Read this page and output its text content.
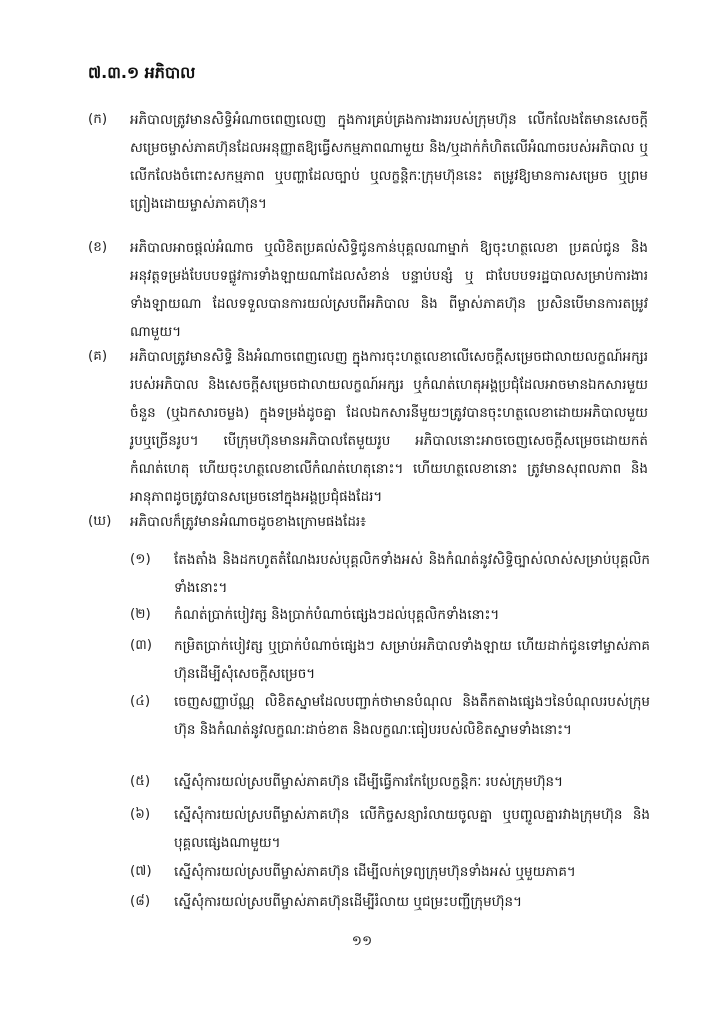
៧.៣.១ អភិបាល
(ក) អភិបាលត្រូវមានសិទ្ធិអំណាចពេញលេញ ក្នុងការគ្រប់គ្រងការងាររបស់ក្រុមហ៊ុន លើកលែងតែមានសេចក្តីសម្រេចម្ចាស់ភាគហ៊ុនដែលអនុញ្ញាតឱ្យធ្វើសកម្មភាពណាមួយ និង/ឬដាក់កំហិតលើអំណាចរបស់អភិបាល ឬលើកលែងចំពោះសកម្មភាព ឬបញ្ហាដែលច្បាប់ ឬលក្ខន្តិកៈក្រុមហ៊ុននេះ តម្រូវឱ្យមានការសម្រេច ឬព្រមព្រៀងដោយម្ចាស់ភាគហ៊ុន។
(ខ) អភិបាលអាចផ្តល់អំណាច ឬលិខិតប្រគល់សិទ្ធិជូនកាន់បុគ្គលណាម្នាក់ ឱ្យចុះហត្ថលេខា ប្រគល់ជូន និង អនុវត្តទម្រង់បែបបទផ្លូវការទាំងឡាយណាដែលសំខាន់ បន្ទាប់បន្សំ ឬ ជាបែបបទរដ្ឋបាលសម្រាប់ការងារទាំងឡាយណា ដែលទទួលបានការយល់ស្របពីអភិបាល និង ពីម្ចាស់ភាគហ៊ុន ប្រសិនបើមានការតម្រូវណាមួយ។
(គ) អភិបាលត្រូវមានសិទ្ធិ និងអំណាចពេញលេញ ក្នុងការចុះហត្ថលេខាលើសេចក្តីសម្រេចជាលាយលក្ខណ៍អក្សររបស់អភិបាល និងសេចក្តីសម្រេចជាលាយលក្ខណ៍អក្សរ ឬកំណត់ហេតុអង្គប្រជុំដែលអាចមានឯកសារមួយចំនួន (ឬឯកសារចម្លង) ក្នុងទម្រង់ដូចគ្នា ដែលឯកសារនីមួយៗត្រូវបានចុះហត្ថលេខាដោយអភិបាលមួយរូបឬច្រើនរូប។ បើក្រុមហ៊ុនមានអភិបាលតែមួយរូប អភិបាលនោះអាចចេញសេចក្តីសម្រេចដោយកត់កំណត់ហេតុ ហើយចុះហត្ថលេខាលើកំណត់ហេតុនោះ។ ហើយហត្ថលេខានោះ ត្រូវមានសុពលភាព និងអានុភាពដូចត្រូវបានសម្រេចនៅក្នុងអង្គប្រជុំផងដែរ។
(ឃ) អភិបាលក៏ត្រូវមានអំណាចដូចខាងក្រោមផងដែរ៖
(១) តែងតាំង និងដកហូតតំណែងរបស់បុគ្គលិកទាំងអស់ និងកំណត់នូវសិទ្ធិច្បាស់លាស់សម្រាប់បុគ្គលិកទាំងនោះ។
(២) កំណត់ប្រាក់បៀវត្ស និងប្រាក់បំណាច់ផ្សេងៗដល់បុគ្គលិកទាំងនោះ។
(៣) កម្រិតប្រាក់បៀវត្ស ឬប្រាក់បំណាច់ផ្សេងៗ សម្រាប់អភិបាលទាំងឡាយ ហើយដាក់ជូនទៅម្ចាស់ភាគហ៊ុនដើម្បីសុំសេចក្តីសម្រេច។
(៤) ចេញសញ្ញាប័ណ្ណ លិខិតស្នាមដែលបញ្ជាក់ថាមានបំណុល និងតឹកតាងផ្សេងៗនៃបំណុលរបស់ក្រុមហ៊ុន និងកំណត់នូវលក្ខណៈដាច់ខាត និងលក្ខណៈធៀបរបស់លិខិតស្នាមទាំងនោះ។
(៥) ស្នើសុំការយល់ស្របពីម្ចាស់ភាគហ៊ុន ដើម្បីធ្វើការកែប្រែលក្ខន្តិកៈ របស់ក្រុមហ៊ុន។
(៦) ស្នើសុំការយល់ស្របពីម្ចាស់ភាគហ៊ុន លើកិច្ចសន្យារំលាយចូលគ្នា ឬបញ្ចូលគ្នារវាងក្រុមហ៊ុន និង បុគ្គលផ្សេងណាមួយ។
(៧) ស្នើសុំការយល់ស្របពីម្ចាស់ភាគហ៊ុន ដើម្បីលក់ទ្រព្យក្រុមហ៊ុនទាំងអស់ ឬមួយភាគ។
(៨) ស្នើសុំការយល់ស្របពីម្ចាស់ភាគហ៊ុនដើម្បីរំលាយ ឬជម្រះបញ្ជីក្រុមហ៊ុន។
១១
